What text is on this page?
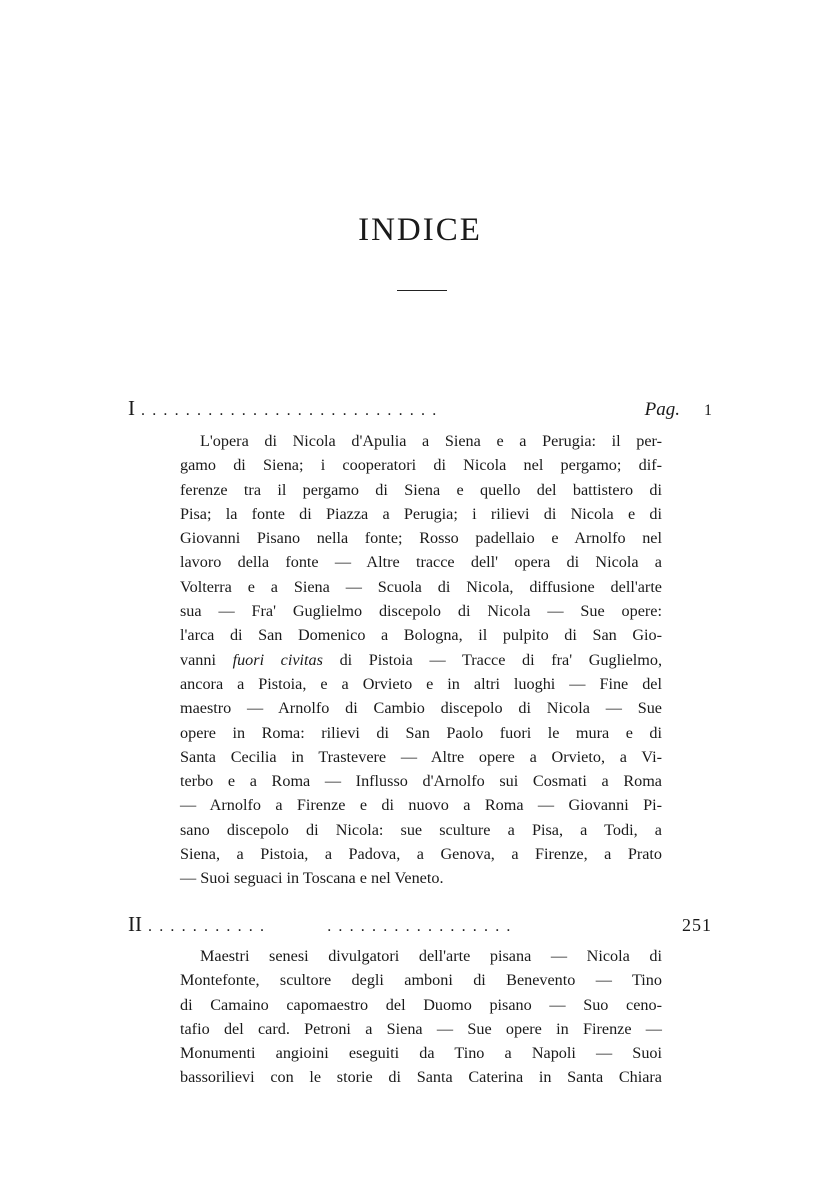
INDICE
I ...........................	Pag. 1
L'opera di Nicola d'Apulia a Siena e a Perugia: il per-
gamo di Siena; i cooperatori di Nicola nel pergamo; dif-
ferenze tra il pergamo di Siena e quello del battistero di
Pisa; la fonte di Piazza a Perugia; i rilievi di Nicola e di
Giovanni Pisano nella fonte; Rosso padellaio e Arnolfo nel
lavoro della fonte — Altre tracce dell' opera di Nicola a
Volterra e a Siena — Scuola di Nicola, diffusione dell'arte
sua — Fra' Guglielmo discepolo di Nicola — Sue opere:
l'arca di San Domenico a Bologna, il pulpito di San Gio-
vanni fuori civitas di Pistoia — Tracce di fra' Guglielmo,
ancora a Pistoia, e a Orvieto e in altri luoghi — Fine del
maestro — Arnolfo di Cambio discepolo di Nicola — Sue
opere in Roma: rilievi di San Paolo fuori le mura e di
Santa Cecilia in Trastevere — Altre opere a Orvieto, a Vi-
terbo e a Roma — Influsso d'Arnolfo sui Cosmati a Roma
— Arnolfo a Firenze e di nuovo a Roma — Giovanni Pi-
sano discepolo di Nicola: sue sculture a Pisa, a Todi, a
Siena, a Pistoia, a Padova, a Genova, a Firenze, a Prato
— Suoi seguaci in Toscana e nel Veneto.
II ...........	.................	251
Maestri senesi divulgatori dell'arte pisana — Nicola di
Montefonte, scultore degli amboni di Benevento — Tino
di Camaino capomaestro del Duomo pisano — Suo ceno-
tafio del card. Petroni a Siena — Sue opere in Firenze —
Monumenti angioini eseguiti da Tino a Napoli — Suoi
bassorilievi con le storie di Santa Caterina in Santa Chiara
